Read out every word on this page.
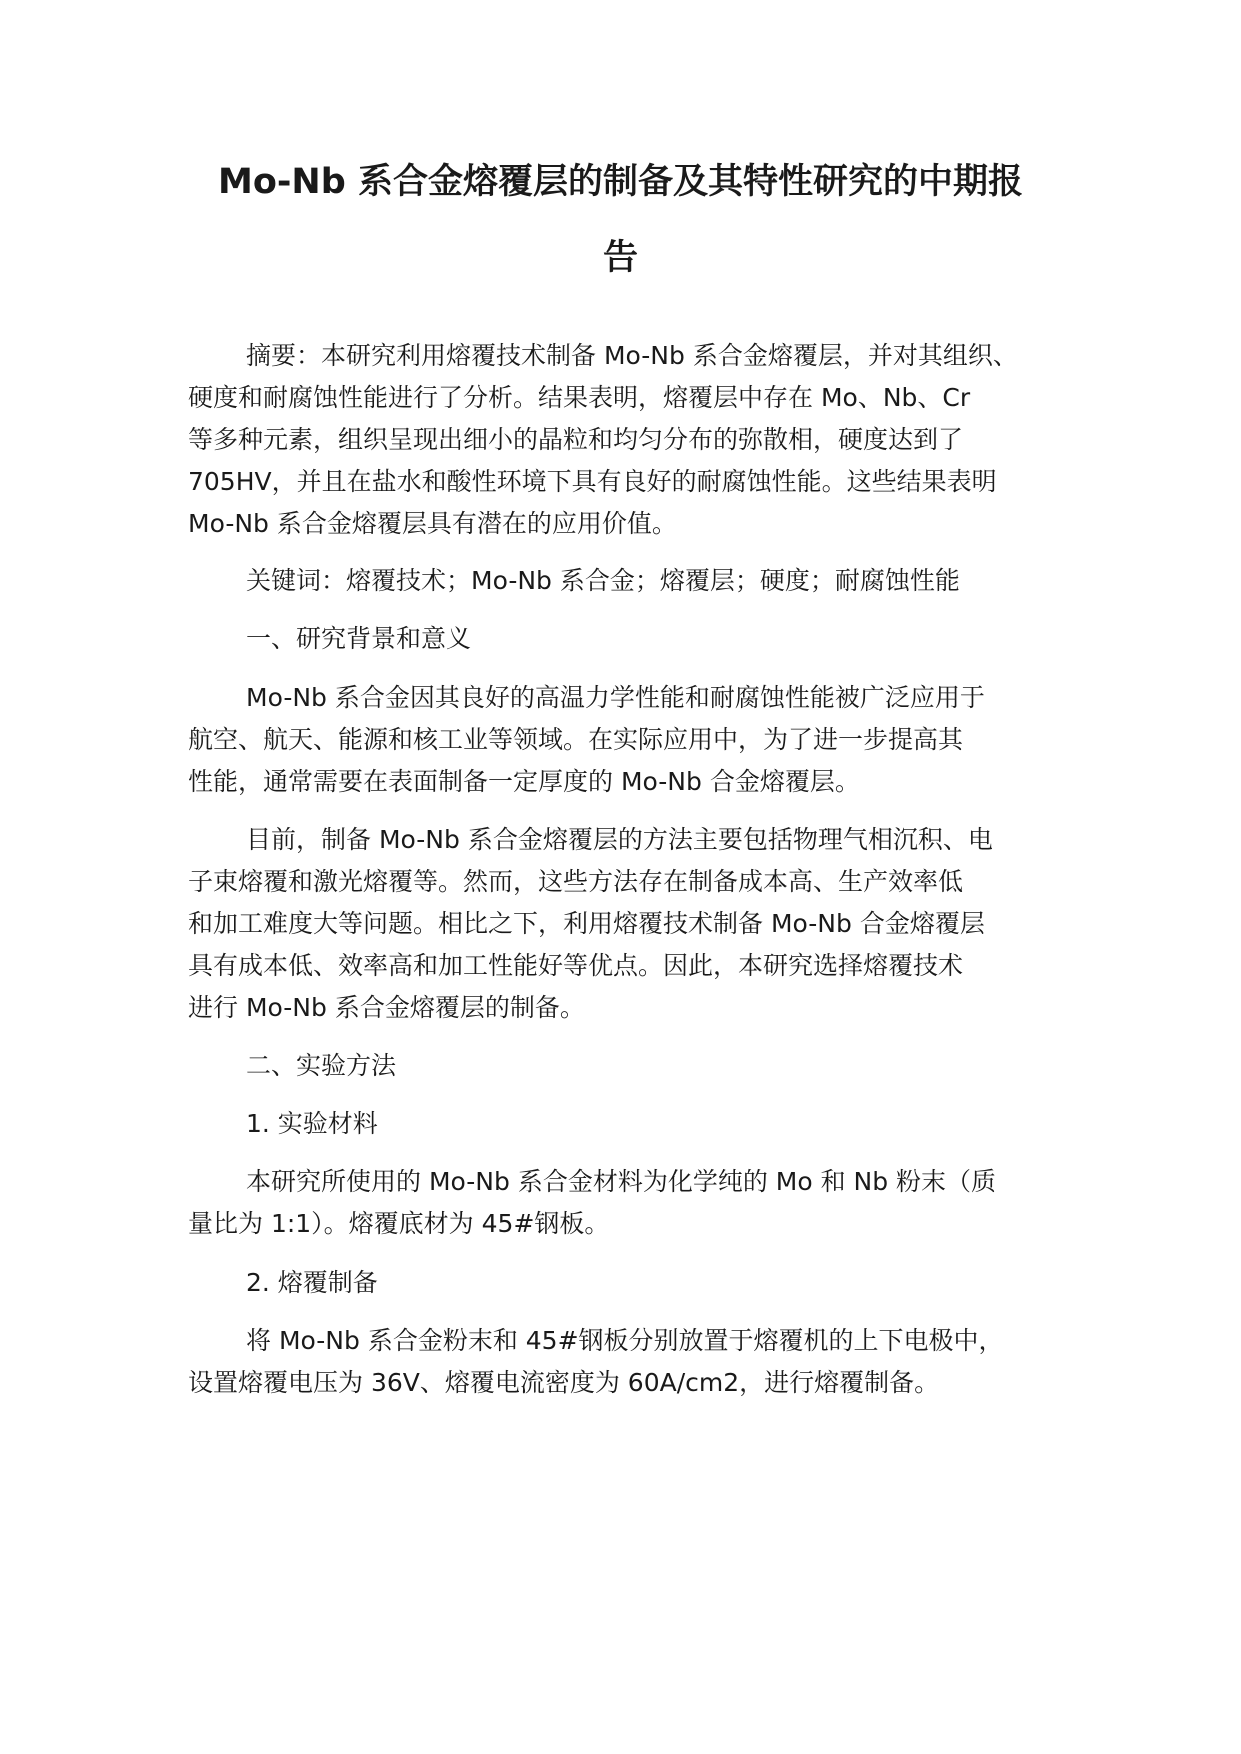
Mo-Nb 系合金熔覆层的制备及其特性研究的中期报
告
摘要：本研究利用熔覆技术制备 Mo-Nb 系合金熔覆层，并对其组织、
硬度和耐腐蚀性能进行了分析。结果表明，熔覆层中存在 Mo、Nb、Cr
等多种元素，组织呈现出细小的晶粒和均匀分布的弥散相，硬度达到了
705HV，并且在盐水和酸性环境下具有良好的耐腐蚀性能。这些结果表明
Mo-Nb 系合金熔覆层具有潜在的应用价值。
关键词：熔覆技术；Mo-Nb 系合金；熔覆层；硬度；耐腐蚀性能
一、研究背景和意义
Mo-Nb 系合金因其良好的高温力学性能和耐腐蚀性能被广泛应用于
航空、航天、能源和核工业等领域。在实际应用中，为了进一步提高其
性能，通常需要在表面制备一定厚度的 Mo-Nb 合金熔覆层。
目前，制备 Mo-Nb 系合金熔覆层的方法主要包括物理气相沉积、电
子束熔覆和激光熔覆等。然而，这些方法存在制备成本高、生产效率低
和加工难度大等问题。相比之下，利用熔覆技术制备 Mo-Nb 合金熔覆层
具有成本低、效率高和加工性能好等优点。因此，本研究选择熔覆技术
进行 Mo-Nb 系合金熔覆层的制备。
二、实验方法
1. 实验材料
本研究所使用的 Mo-Nb 系合金材料为化学纯的 Mo 和 Nb 粉末（质
量比为 1:1）。熔覆底材为 45#钢板。
2. 熔覆制备
将 Mo-Nb 系合金粉末和 45#钢板分别放置于熔覆机的上下电极中，
设置熔覆电压为 36V、熔覆电流密度为 60A/cm2，进行熔覆制备。
